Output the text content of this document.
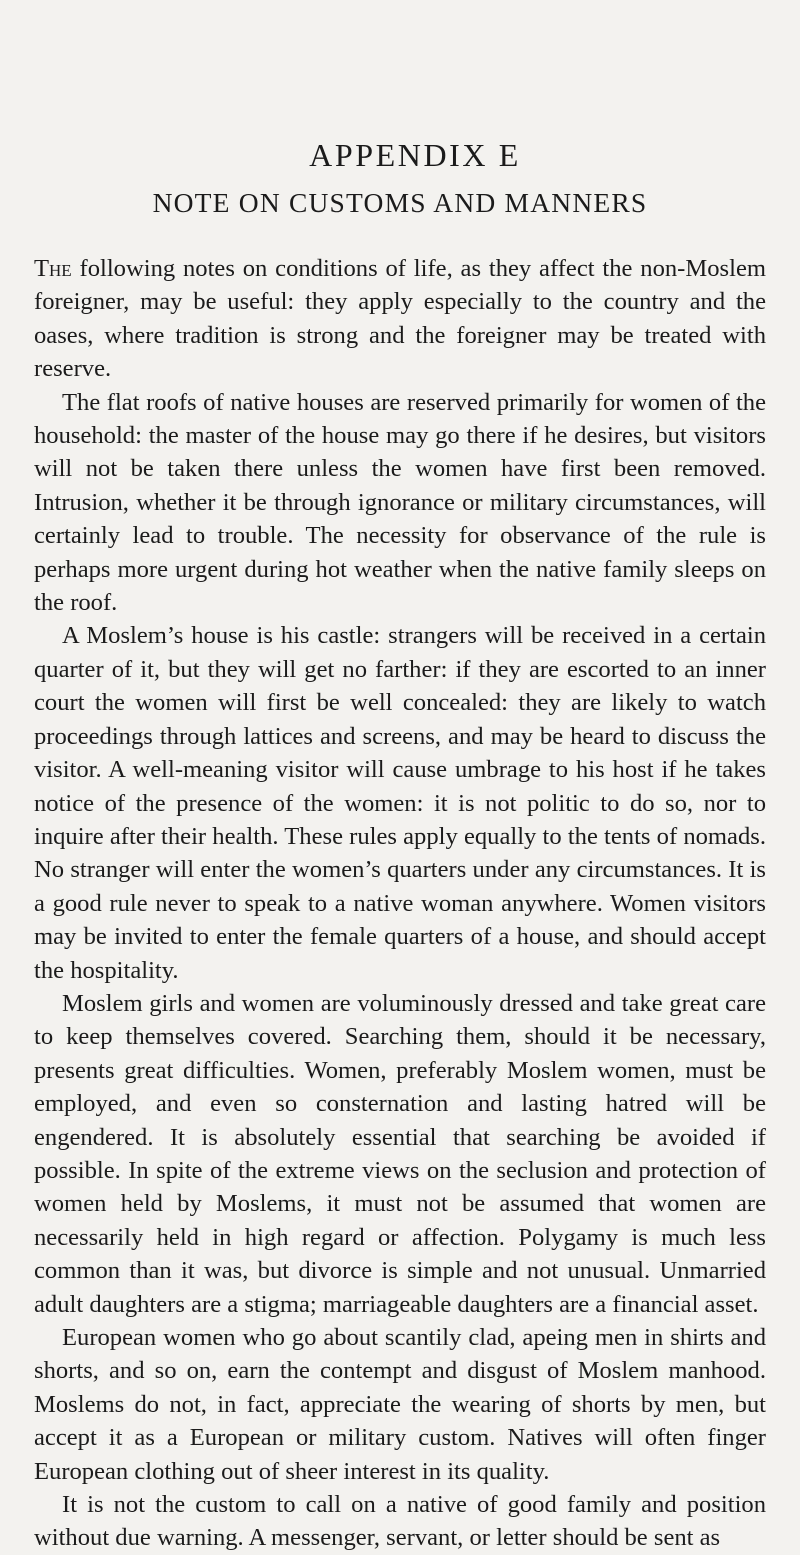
APPENDIX E
NOTE ON CUSTOMS AND MANNERS

The following notes on conditions of life, as they affect the non-Moslem foreigner, may be useful: they apply especially to the country and the oases, where tradition is strong and the foreigner may be treated with reserve.

The flat roofs of native houses are reserved primarily for women of the household: the master of the house may go there if he desires, but visitors will not be taken there unless the women have first been removed. Intrusion, whether it be through ignorance or military circumstances, will certainly lead to trouble. The necessity for observance of the rule is perhaps more urgent during hot weather when the native family sleeps on the roof.

A Moslem’s house is his castle: strangers will be received in a certain quarter of it, but they will get no farther: if they are escorted to an inner court the women will first be well concealed: they are likely to watch proceedings through lattices and screens, and may be heard to discuss the visitor. A well-meaning visitor will cause umbrage to his host if he takes notice of the presence of the women: it is not politic to do so, nor to inquire after their health. These rules apply equally to the tents of nomads. No stranger will enter the women’s quarters under any circumstances. It is a good rule never to speak to a native woman anywhere. Women visitors may be invited to enter the female quarters of a house, and should accept the hospitality.

Moslem girls and women are voluminously dressed and take great care to keep themselves covered. Searching them, should it be necessary, presents great difficulties. Women, preferably Moslem women, must be employed, and even so consternation and lasting hatred will be engendered. It is absolutely essential that searching be avoided if possible. In spite of the extreme views on the seclusion and protection of women held by Moslems, it must not be assumed that women are necessarily held in high regard or affection. Polygamy is much less common than it was, but divorce is simple and not unusual. Unmarried adult daughters are a stigma; marriageable daughters are a financial asset.

European women who go about scantily clad, apeing men in shirts and shorts, and so on, earn the contempt and disgust of Moslem manhood. Moslems do not, in fact, appreciate the wearing of shorts by men, but accept it as a European or military custom. Natives will often finger European clothing out of sheer interest in its quality.

It is not the custom to call on a native of good family and position without due warning. A messenger, servant, or letter should be sent as
